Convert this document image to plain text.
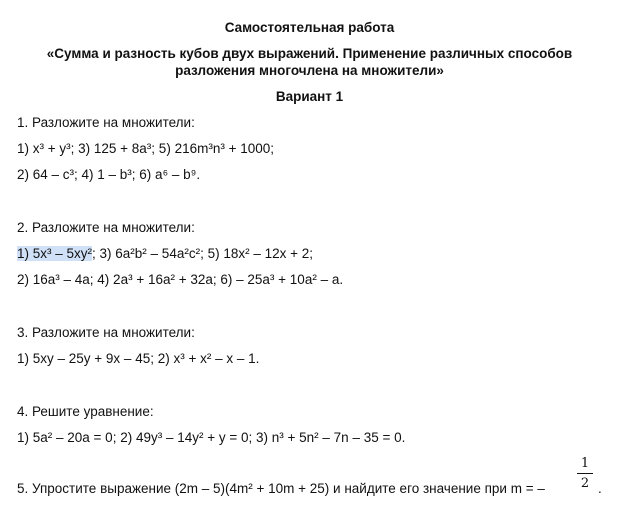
Самостоятельная работа
«Сумма и разность кубов двух выражений. Применение различных способов
разложения многочлена на множители»
Вариант 1
1. Разложите на множители:
1) x³ + y³; 3) 125 + 8a³; 5) 216m³n³ + 1000;
2) 64 – c³; 4) 1 – b³; 6) a⁶ – b⁹.
2. Разложите на множители:
1) 5x³ – 5xy²; 3) 6a²b² – 54a²c²; 5) 18x² – 12x + 2;
2) 16a³ – 4a; 4) 2a³ + 16a² + 32a; 6) – 25a³ + 10a² – a.
3. Разложите на множители:
1) 5xy – 25y + 9x – 45; 2) x³ + x² – x – 1.
4. Решите уравнение:
1) 5a² – 20a = 0; 2) 49y³ – 14y² + y = 0; 3) n³ + 5n² – 7n – 35 = 0.
5. Упростите выражение (2m – 5)(4m² + 10m + 25) и найдите его значение при m = –
1
2 .
